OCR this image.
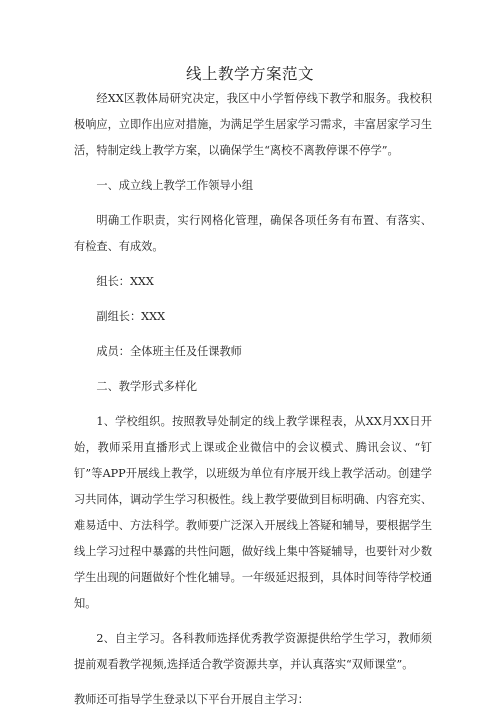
线上教学方案范文

经XX区教体局研究决定，我区中小学暂停线下教学和服务。我校积极响应，立即作出应对措施，为满足学生居家学习需求，丰富居家学习生活，特制定线上教学方案，以确保学生“离校不离教停课不停学”。

一、成立线上教学工作领导小组

明确工作职责，实行网格化管理，确保各项任务有布置、有落实、有检查、有成效。

组长：XXX

副组长：XXX

成员：全体班主任及任课教师

二、教学形式多样化

1、学校组织。按照教导处制定的线上教学课程表，从XX月XX日开始，教师采用直播形式上课或企业微信中的会议模式、腾讯会议、“钉钉”等APP开展线上教学，以班级为单位有序展开线上教学活动。创建学习共同体，调动学生学习积极性。线上教学要做到目标明确、内容充实、难易适中、方法科学。教师要广泛深入开展线上答疑和辅导，要根据学生线上学习过程中暴露的共性问题，做好线上集中答疑辅导，也要针对少数学生出现的问题做好个性化辅导。一年级延迟报到，具体时间等待学校通知。

2、自主学习。各科教师选择优秀教学资源提供给学生学习，教师须提前观看教学视频,选择适合教学资源共享，并认真落实“双师课堂”。

教师还可指导学生登录以下平台开展自主学习：
